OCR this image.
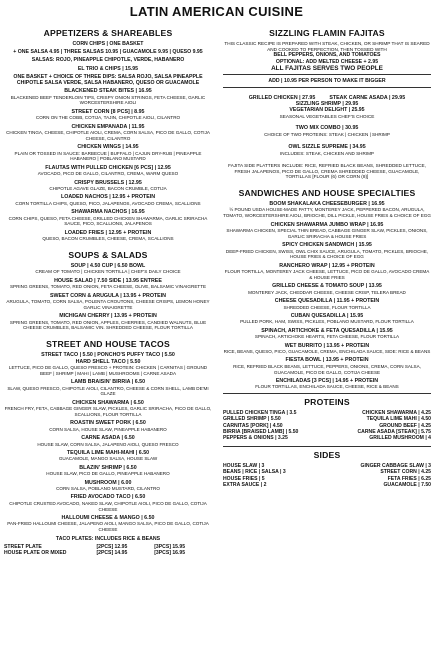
LATIN AMERICAN CUISINE
APPETIZERS & SHAREABLES
CORN CHIPS | ONE BASKET
+ ONE SALSA 4.95 | THREE SALSAS 10.95 | GUACAMOLE 9.95 | QUESO 9.95
SALSAS: ROJO, PINEAPPLE CHIPOTLE, VERDE, HABANERO
EL TRIO & CHIPS | 15.95
ONE BASKET + CHOICE OF THREE DIPS: SALSA ROJO, SALSA PINEAPPLE CHIPOTLE SALSA VERDE, SALSA HABANERO, QUESO OR GUACAMOLE
BLACKENED STEAK BITES | 16.95
BLACKENED BEEF TENDERLOIN TIPS, CRISPY ONION STRINGS, FETA CHEESE, GARLIC WORCESTERSHIRE AIOLI
STREET CORN [8 PCS] | 8.95
CORN ON THE COBB, COTIJA, TAJIN, CHIPOTLE AIOLI, CILANTRO
CHICKEN EMPANADA | 11.95
CHICKEN TINGA, CHEESE, CHIPOTLE AIOLI, CREMA, CORN SALSA, PICO DE GALLO, COTIJA CHEESE, CILANTRO
CHICKEN WINGS | 14.95
PLAIN OR TOSSED IN SAUCE: BARBECUE | BUFFALO | CAJUN DRY-RUB | PINEAPPLE HABANERO | POBLANO MUSTARD
FLAUTAS WITH PULLED CHICKEN [6 PCS] | 12.95
AVOCADO, PICO DE GALLO, CILANTRO, CREMA, WARM QUESO
CRISPY BRUSSELS | 12.95
CHIPOTLE AGAVE GLAZE, BACON CRUMBLE, COTIJA
LOADED NACHOS | 12.95 + PROTEIN
CORN TORTILLA CHIPS, QUESO, PICO, JALAPENOS, AVOCADO CREMA, SCALLIONS
SHAWARMA NACHOS | 16.95
CORN CHIPS, QUESO, FETA CHEESE, GRILLED CHICKEN SHAWARMA, GARLIC SRIRACHA SAUCE, PICO, SCALLIONS, JALAPENOS
LOADED FRIES | 12.95 + PROTEIN
QUESO, BACON CRUMBLES, CHEESE, CREMA, SCALLIONS
SOUPS & SALADS
SOUP | 4.50 CUP | 6.50 BOWL
CREAM OF TOMATO | CHICKEN TORTILLA | CHEF'S DAILY CHOICE
HOUSE SALAD | 7.50 SIDE | 13.95 ENTREE
SPRING GREENS, TOMATO, RED ONION, FETA CHEESE, OLIVE, BALSAMIC VINAIGRETTE
SWEET CORN & ARUGULA | 13.95 + PROTEIN
ARUGULA, TOMATO, CORN SALSA, POLENTA CROUTONS, CHEESE CRISPS, LEMON HONEY GARLIC VINAIGRETTE
MICHIGAN CHERRY | 13.95 + PROTEIN
SPRING GREENS, TOMATO, RED ONION, APPLES, CHERRIES, CANDIED WALNUTS, BLUE CHEESE CRUMBLES, BALSAMIC VIN. SHREDDED CHEESE, FLOUR TORTILLA
STREET AND HOUSE TACOS
STREET TACO | 5.50 | PONCHO'S PUFFY TACO | 5.50
HARD SHELL TACO | 5.50
LETTUCE, PICO DE GALLO, QUESO FRESCO + PROTEIN: CHICKEN | CARNITAS | GROUND BEEF | SHRIMP | MAHI | LAMB | MUSHROOMS | CARNE ASADA
LAMB BRAISIN' BIRRIA | 6.50
SLAW, QUESO FRESCO, CHIPOTLE AIOLI, CILANTRO, CHEESE & CORN SHELL, LAMB DE'MI GLAZE
CHICKEN SHAWARMA | 6.50
FRENCH FRY, FETA, CABBAGE GINGER SLAW, PICKLES, GARLIC SRIRACHA, PICO DE GALLO, SCALLIONS, FLOUR TORTILLA
ROASTIN SWEET PORK | 6.50
CORN SALSA, HOUSE SLAW, PINEAPPLE HABANERO
CARNE ASADA | 6.50
HOUSE SLAW, CORN SALSA, JALAPENO AIOLI, QUESO FRESCO
TEQUILA LIME MAHI-MAHI | 6.50
GUACAMOLE, MANGO SALSA, HOUSE SLAW
BLAZIN' SHRIMP | 6.50
HOUSE SLAW, PICO DE GALLO, PINEAPPLE HABANERO
MUSHROOM | 6.00
CORN SALSA, POBLANO MUSTARD, CILANTRO
FRIED AVOCADO TACO | 6.50
CHIPOTLE CRUSTED AVOCADO, NAKED SLAW, CHIPOTLE AIOLI, PICO DE GALLO, COTIJA CHEESE
HALLOUMI CHEESE & MANGO | 6.50
PAN-FRIED HALLOUMI CHEESE, JALAPENO AIOLI, MANGO SALSA, PICO DE GALLO, COTIJA CHEESE
TACO PLATES: INCLUDES RICE & BEANS
STREET PLATE	[2PCS] 12.95	[3PCS] 15.95
HOUSE PLATE OR MIXED	[2PCS] 14.95	[3PCS] 16.95
SIZZLING FLAMIN FAJITAS
THIS CLASSIC RECIPE IS PREPARED WITH STEAK, CHICKEN, OR SHRIMP THAT IS SEARED AND COOKED TO PERFECTION, THEN TOSSED WITH
BELL PEPPERS, ONIONS, AND TOMATOES
OPTIONAL: ADD MELTED CHEESE + 2.95
ALL FAJITAS SERVES TWO PEOPLE
ADD | 10.95 PER PERSON TO MAKE IT BIGGER
GRILLED CHICKEN | 27.95	STEAK CARNE ASADA | 29.95
SIZZLING SHRIMP | 29.95
VEGETARIAN DELIGHT | 25.95
SEASONAL VEGETABLES CHEF'S CHOICE
TWO MIX COMBO | 30.95
CHOICE OF TWO PROTEINS: STEAK | CHICKEN | SHRIMP
OWL SIZZLE SUPREME | 34.95
INCLUDES: STEAK, CHICKEN AND SHRIMP
FAJITA SIDE PLATTERS INCLUDE: RICE, REFRIED BLACK BEANS, SHREDDED LETTUCE, FRESH JALAPENOS, PICO DE GALLO, CREMA SHREDDED CHEESE, GUACAMOLE, TORTILLAS [FLOUR (6) OR CORN (8)]
SANDWICHES AND HOUSE SPECIALTIES
BOOM SHAKALAKA CHEESEBURGER | 16.95
½ POUND USDA HOUSE-MADE PATTY, MONTEREY JACK, PEPPERED BACON, ARUGULA, TOMATO, WORCESTERSHIRE AIOLI, BRIOCHE, DILL PICKLE, HOUSE FRIES & CHOICE OF EGG
CHICKEN SHAWARMA JUMBO WRAP | 16.95
SHAWARMA CHICKEN, SPECIAL THIN BREAD, CABBAGE GINGER SLAW, PICKLES, ONIONS, GARLIC SRIRACHA & HOUSE FRIES
SPICY CHICKEN SANDWICH | 15.95
DEEP-FRIED CHICKEN, SWISS, OWL CHIX SAUCE, ARUGULA, TOMATO, PICKLES, BRIOCHE, HOUSE FRIES & CHOICE OF EGG
RANCHERO WRAP | 12.95 + PROTEIN
FLOUR TORTILLA, MONTEREY JACK CHEESE, LETTUCE, PICO DE GALLO, AVOCADO CREMA & HOUSE FRIES
GRILLED CHEESE & TOMATO SOUP | 13.95
MONTEREY JACK, CHEDDAR CHEESE, CHEESE CRISP, TELERA BREAD
CHEESE QUESADILLA | 11.95 + PROTEIN
SHREDDED CHEESE, FLOUR TORTILLA
CUBAN QUESADILLA | 15.95
PULLED PORK, HAM, SWISS, PICKLES, POBLANO MUSTARD, FLOUR TORTILLA
SPINACH, ARTICHOKE & FETA QUESADILLA | 15.95
SPINACH, ARTICHOKE HEARTS, FETA CHEESE, FLOUR TORTILLA
WET BURRITO | 13.95 + PROTEIN
RICE, BEANS, QUESO, PICO, GUACAMOLE, CREMA, ENCHILADA SAUCE, SIDE: RICE & BEANS
FIESTA BOWL | 13.95 + PROTEIN
RICE, REFRIED BLACK BEANS, LETTUCE, PEPPERS, ONIONS, CREMA, CORN SALSA, GUACAMOLE, PICO DE GALLO, COTIJA CHEESE
ENCHILADAS [3 PCS] | 14.95 + PROTEIN
FLOUR TORTILLAS, ENCHILADA SAUCE, CHEESE, RICE & BEANS
PROTEINS
PULLED CHICKEN TINGA | 3.5	CHICKEN SHAWARMA | 4.25
GRILLED SHRIMP | 5.50	TEQUILA LIME MAHI | 4.50
CARNITAS [PORK] | 4.50	GROUND BEEF | 4.25
BIRRIA [BRAISED LAMB] | 5.50	CARNE ASADA [STEAK] | 5.75
PEPPERS & ONIONS | 3.25	GRILLED MUSHROOM | 4
SIDES
HOUSE SLAW | 3	GINGER CABBAGE SLAW | 3
BEANS | RICE | SALSA | 3	STREET CORN | 4.25
HOUSE FRIES | 5	FETA FRIES | 6.25
EXTRA SAUCE | 2	GUACAMOLE | 7.50
